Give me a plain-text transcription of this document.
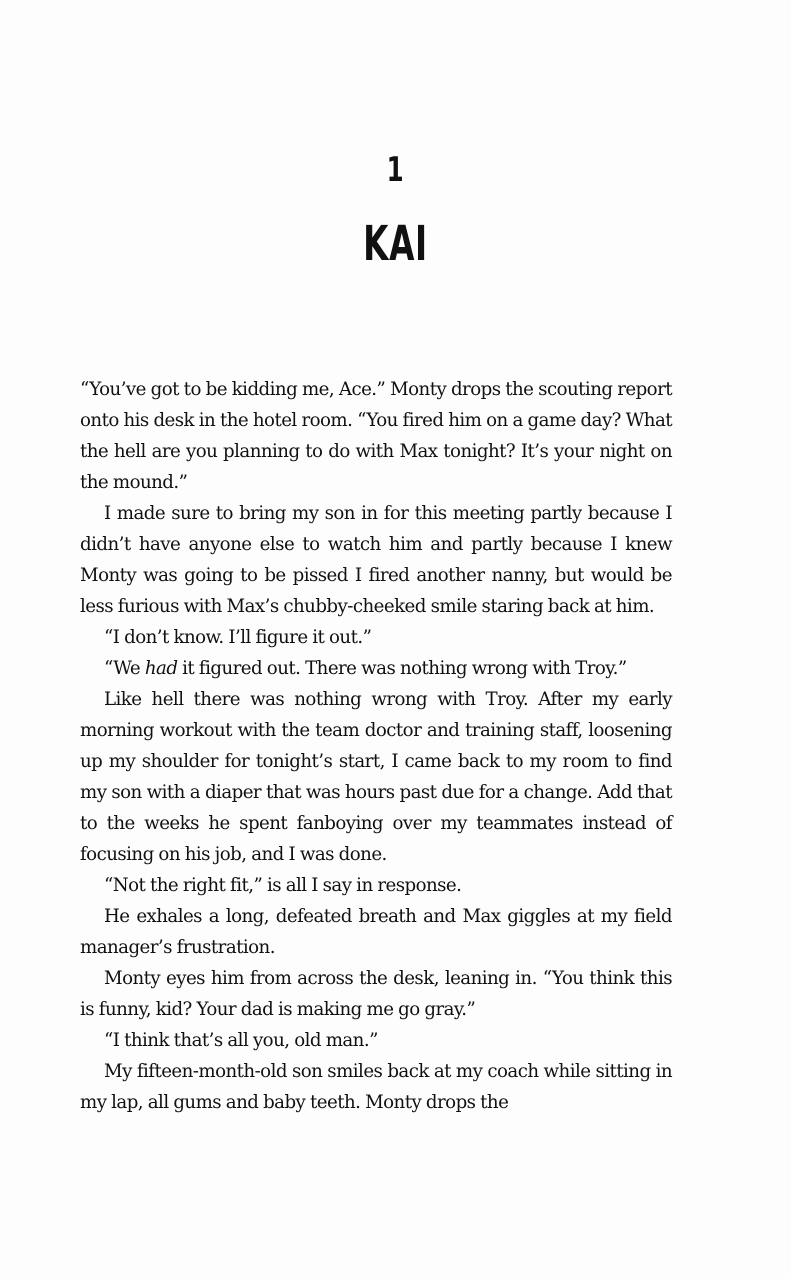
1
KAI

“You’ve got to be kidding me, Ace.” Monty drops the scouting report onto his desk in the hotel room. “You fired him on a game day? What the hell are you planning to do with Max tonight? It’s your night on the mound.”

I made sure to bring my son in for this meeting partly because I didn’t have anyone else to watch him and partly because I knew Monty was going to be pissed I fired another nanny, but would be less furious with Max’s chubby-cheeked smile staring back at him.

“I don’t know. I’ll figure it out.”

“We had it figured out. There was nothing wrong with Troy.”

Like hell there was nothing wrong with Troy. After my early morning workout with the team doctor and training staff, loosening up my shoulder for tonight’s start, I came back to my room to find my son with a diaper that was hours past due for a change. Add that to the weeks he spent fanboying over my teammates instead of focusing on his job, and I was done.

“Not the right fit,” is all I say in response.

He exhales a long, defeated breath and Max giggles at my field manager’s frustration.

Monty eyes him from across the desk, leaning in. “You think this is funny, kid? Your dad is making me go gray.”

“I think that’s all you, old man.”

My fifteen-month-old son smiles back at my coach while sitting in my lap, all gums and baby teeth. Monty drops the
